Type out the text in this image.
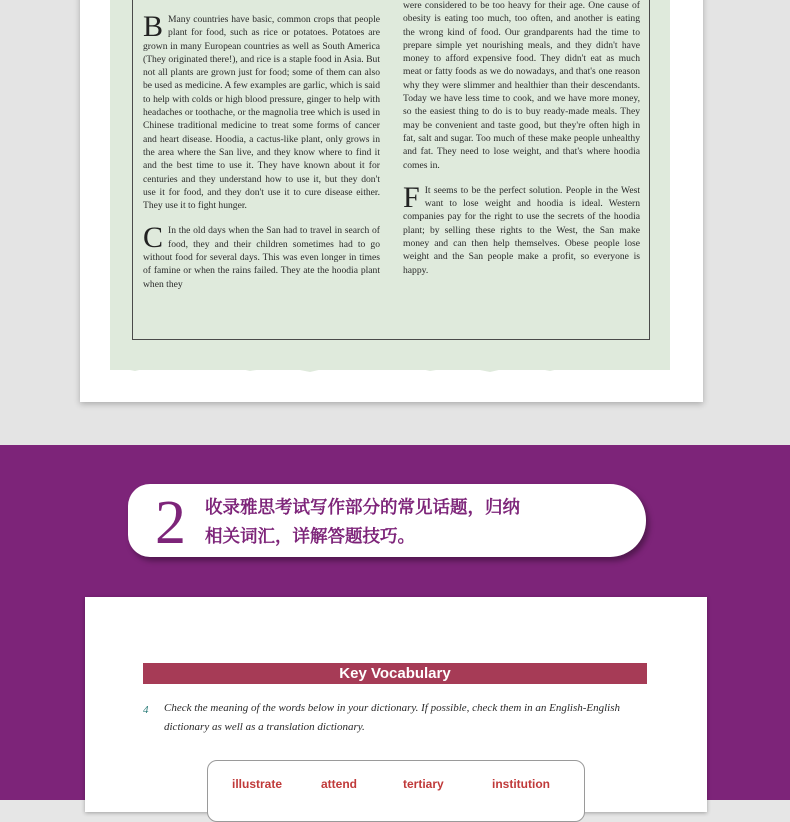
B Many countries have basic, common crops that people plant for food, such as rice or potatoes. Potatoes are grown in many European countries as well as South America (They originated there!), and rice is a staple food in Asia. But not all plants are grown just for food; some of them can also be used as medicine. A few examples are garlic, which is said to help with colds or high blood pressure, ginger to help with headaches or toothache, or the magnolia tree which is used in Chinese traditional medicine to treat some forms of cancer and heart disease. Hoodia, a cactus-like plant, only grows in the area where the San live, and they know where to find it and the best time to use it. They have known about it for centuries and they understand how to use it, but they don't use it for food, and they don't use it to cure disease either. They use it to fight hunger.

C In the old days when the San had to travel in search of food, they and their children sometimes had to go without food for several days. This was even longer in times of famine or when the rains failed. They ate the hoodia plant when they

were considered to be too heavy for their age. One cause of obesity is eating too much, too often, and another is eating the wrong kind of food. Our grandparents had the time to prepare simple yet nourishing meals, and they didn't have money to afford expensive food. They didn't eat as much meat or fatty foods as we do nowadays, and that's one reason why they were slimmer and healthier than their descendants. Today we have less time to cook, and we have more money, so the easiest thing to do is to buy ready-made meals. They may be convenient and taste good, but they're often high in fat, salt and sugar. Too much of these make people unhealthy and fat. They need to lose weight, and that's where hoodia comes in.

F It seems to be the perfect solution. People in the West want to lose weight and hoodia is ideal. Western companies pay for the right to use the secrets of the hoodia plant; by selling these rights to the West, the San make money and can then help themselves. Obese people lose weight and the San people make a profit, so everyone is happy.

2	收录雅思考试写作部分的常见话题，归纳
相关词汇，详解答题技巧。
Key Vocabulary
4 Check the meaning of the words below in your dictionary. If possible, check them in an English-English dictionary as well as a translation dictionary.
illustrate	attend	tertiary	institution
